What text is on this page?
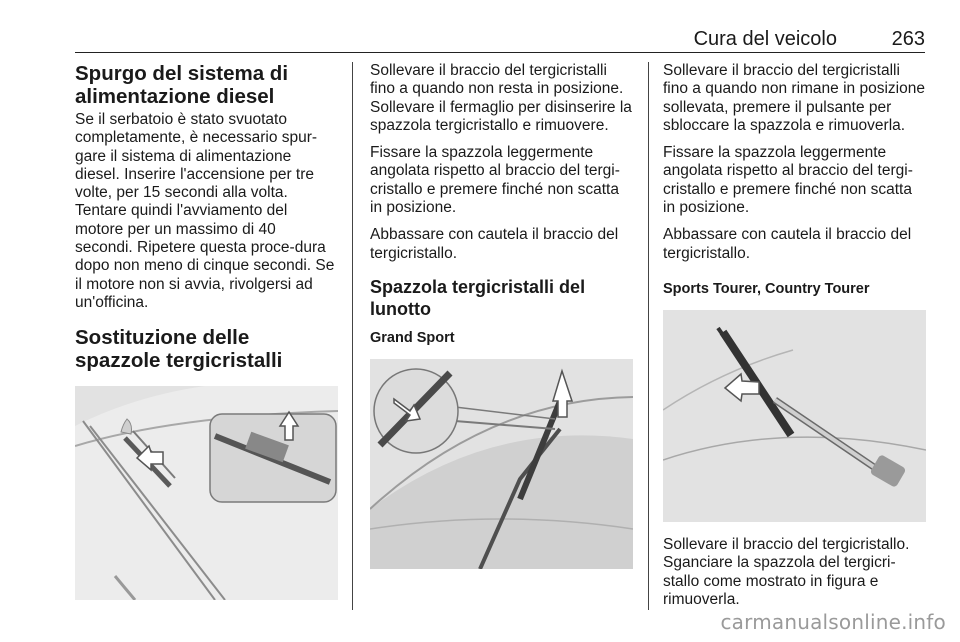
Cura del veicolo	263
Spurgo del sistema di alimentazione diesel

Se il serbatoio è stato svuotato completamente, è necessario spur-gare il sistema di alimentazione diesel. Inserire l'accensione per tre volte, per 15 secondi alla volta. Tentare quindi l'avviamento del motore per un massimo di 40 secondi. Ripetere questa proce-dura dopo non meno di cinque secondi. Se il motore non si avvia, rivolgersi ad un'officina.

Sostituzione delle spazzole tergicristalli

Sollevare il braccio del tergicristalli fino a quando non resta in posizione. Sollevare il fermaglio per disinserire la spazzola tergicristallo e rimuovere.

Fissare la spazzola leggermente angolata rispetto al braccio del tergi-cristallo e premere finché non scatta in posizione.

Abbassare con cautela il braccio del tergicristallo.

Spazzola tergicristalli del lunotto
Grand Sport

Sollevare il braccio del tergicristalli fino a quando non rimane in posizione sollevata, premere il pulsante per sbloccare la spazzola e rimuoverla.

Fissare la spazzola leggermente angolata rispetto al braccio del tergi-cristallo e premere finché non scatta in posizione.

Abbassare con cautela il braccio del tergicristallo.

Sports Tourer, Country Tourer

Sollevare il braccio del tergicristallo. Sganciare la spazzola del tergicri-stallo come mostrato in figura e rimuoverla.

carmanualsonline.info
